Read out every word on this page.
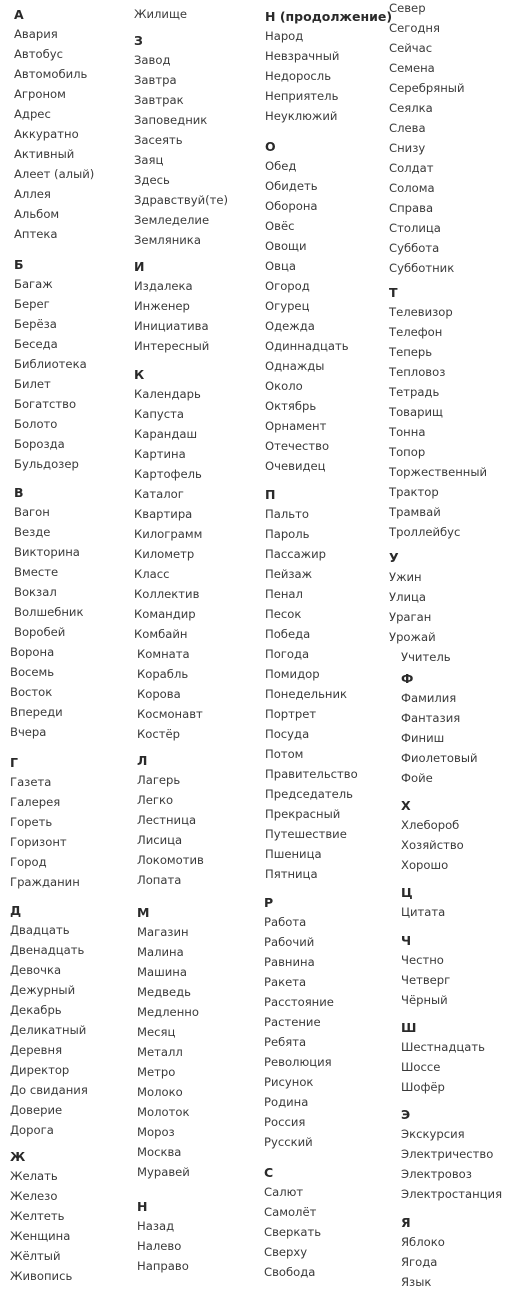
А
Авария
Автобус
Автомобиль
Агроном
Адрес
Аккуратно
Активный
Алеет (алый)
Аллея
Альбом
Аптека
Б
Багаж
Берег
Берёза
Беседа
Библиотека
Билет
Богатство
Болото
Борозда
Бульдозер
В
Вагон
Везде
Викторина
Вместе
Вокзал
Волшебник
Воробей
Ворона
Восемь
Восток
Впереди
Вчера
Г
Газета
Галерея
Гореть
Горизонт
Город
Гражданин
Д
Двадцать
Двенадцать
Девочка
Дежурный
Декабрь
Деликатный
Деревня
Директор
До свидания
Доверие
Дорога
Ж
Желать
Железо
Желтеть
Женщина
Жёлтый
Живопись
Жилище
З
Завод
Завтра
Завтрак
Заповедник
Засеять
Заяц
Здесь
Здравствуй(те)
Земледелие
Земляника
И
Издалека
Инженер
Инициатива
Интересный
К
Календарь
Капуста
Карандаш
Картина
Картофель
Каталог
Квартира
Килограмм
Километр
Класс
Коллектив
Командир
Комбайн
Комната
Корабль
Корова
Космонавт
Костёр
Л
Лагерь
Легко
Лестница
Лисица
Локомотив
Лопата
М
Магазин
Малина
Машина
Медведь
Медленно
Месяц
Металл
Метро
Молоко
Молоток
Мороз
Москва
Муравей
Н
Назад
Налево
Направо
Н (продолжение)
Народ
Невзрачный
Недоросль
Неприятель
Неуклюжий
О
Обед
Обидеть
Оборона
Овёс
Овощи
Овца
Огород
Огурец
Одежда
Одиннадцать
Однажды
Около
Октябрь
Орнамент
Отечество
Очевидец
П
Пальто
Пароль
Пассажир
Пейзаж
Пенал
Песок
Победа
Погода
Помидор
Понедельник
Портрет
Посуда
Потом
Правительство
Председатель
Прекрасный
Путешествие
Пшеница
Пятница
Р
Работа
Рабочий
Равнина
Ракета
Расстояние
Растение
Ребята
Революция
Рисунок
Родина
Россия
Русский
С
Салют
Самолёт
Сверкать
Сверху
Свобода
Север
Сегодня
Сейчас
Семена
Серебряный
Сеялка
Слева
Снизу
Солдат
Солома
Справа
Столица
Суббота
Субботник
Т
Телевизор
Телефон
Теперь
Тепловоз
Тетрадь
Товарищ
Тонна
Топор
Торжественный
Трактор
Трамвай
Троллейбус
У
Ужин
Улица
Ураган
Урожай
Учитель
Ф
Фамилия
Фантазия
Финиш
Фиолетовый
Фойе
Х
Хлебороб
Хозяйство
Хорошо
Ц
Цитата
Ч
Честно
Четверг
Чёрный
Ш
Шестнадцать
Шоссе
Шофёр
Э
Экскурсия
Электричество
Электровоз
Электростанция
Я
Яблоко
Ягода
Язык
